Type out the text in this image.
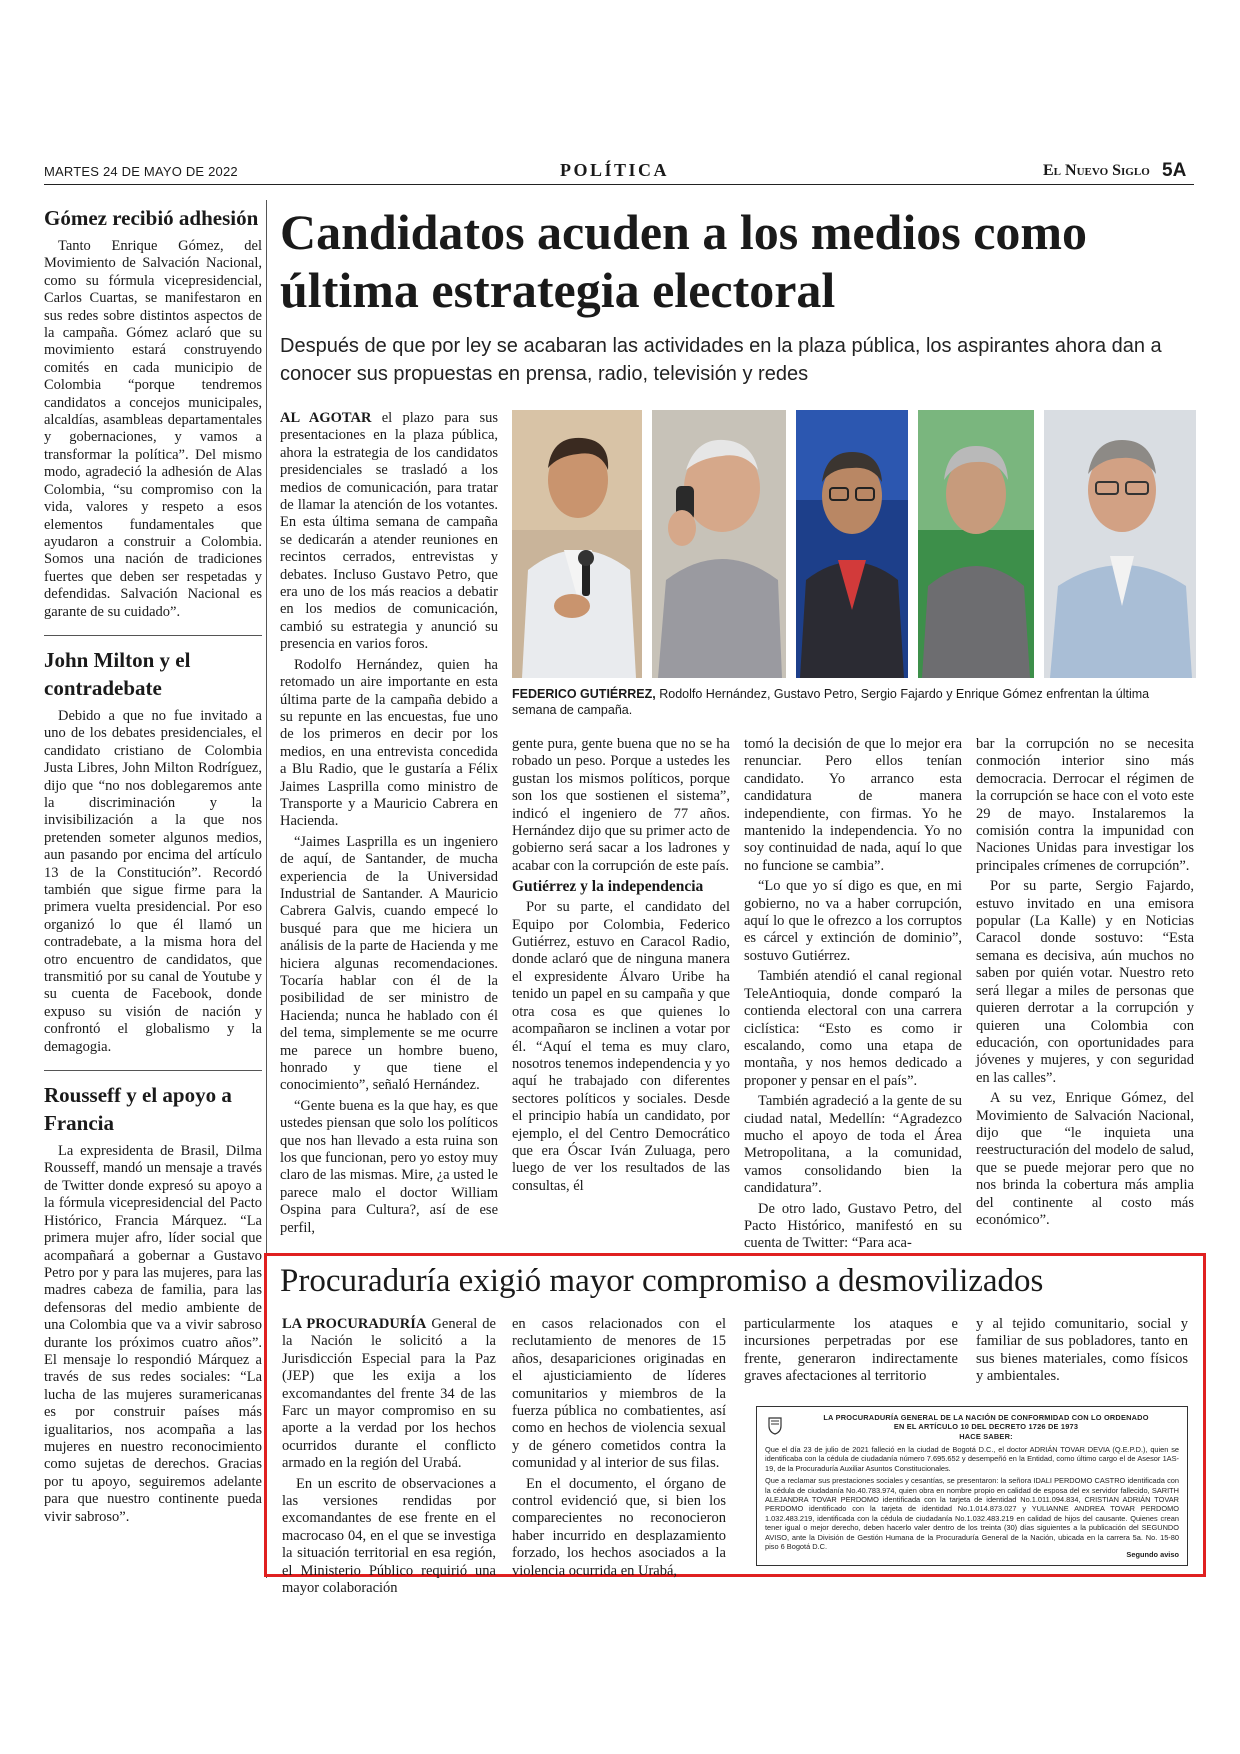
MARTES 24 DE MAYO DE 2022	POLÍTICA	El Nuevo Siglo 5A
Gómez recibió adhesión

Tanto Enrique Gómez, del Movimiento de Salvación Nacional, como su fórmula vicepresidencial, Carlos Cuartas, se manifestaron en sus redes sobre distintos aspectos de la campaña. Gómez aclaró que su movimiento estará construyendo comités en cada municipio de Colombia “porque tendremos candidatos a concejos municipales, alcaldías, asambleas departamentales y gobernaciones, y vamos a transformar la política”. Del mismo modo, agradeció la adhesión de Alas Colombia, “su compromiso con la vida, valores y respeto a esos elementos fundamentales que ayudaron a construir a Colombia. Somos una nación de tradiciones fuertes que deben ser respetadas y defendidas. Salvación Nacional es garante de su cuidado”.

John Milton y el contradebate

Debido a que no fue invitado a uno de los debates presidenciales, el candidato cristiano de Colombia Justa Libres, John Milton Rodríguez, dijo que “no nos doblegaremos ante la discriminación y la invisibilización a la que nos pretenden someter algunos medios, aun pasando por encima del artículo 13 de la Constitución”. Recordó también que sigue firme para la primera vuelta presidencial. Por eso organizó lo que él llamó un contradebate, a la misma hora del otro encuentro de candidatos, que transmitió por su canal de Youtube y su cuenta de Facebook, donde expuso su visión de nación y confrontó el globalismo y la demagogia.

Rousseff y el apoyo a Francia

La expresidenta de Brasil, Dilma Rousseff, mandó un mensaje a través de Twitter donde expresó su apoyo a la fórmula vicepresidencial del Pacto Histórico, Francia Márquez. “La primera mujer afro, líder social que acompañará a gobernar a Gustavo Petro por y para las mujeres, para las madres cabeza de familia, para las defensoras del medio ambiente de una Colombia que va a vivir sabroso durante los próximos cuatro años”. El mensaje lo respondió Márquez a través de sus redes sociales: “La lucha de las mujeres suramericanas es por construir países más igualitarios, nos acompaña a las mujeres en nuestro reconocimiento como sujetas de derechos. Gracias por tu apoyo, seguiremos adelante para que nuestro continente pueda vivir sabroso”.

Candidatos acuden a los medios como última estrategia electoral
Después de que por ley se acabaran las actividades en la plaza pública, los aspirantes ahora dan a conocer sus propuestas en prensa, radio, televisión y redes

AL AGOTAR el plazo para sus presentaciones en la plaza pública, ahora la estrategia de los candidatos presidenciales se trasladó a los medios de comunicación, para tratar de llamar la atención de los votantes. En esta última semana de campaña se dedicarán a atender reuniones en recintos cerrados, entrevistas y debates. Incluso Gustavo Petro, que era uno de los más reacios a debatir en los medios de comunicación, cambió su estrategia y anunció su presencia en varios foros.

Rodolfo Hernández, quien ha retomado un aire importante en esta última parte de la campaña debido a su repunte en las encuestas, fue uno de los primeros en decir por los medios, en una entrevista concedida a Blu Radio, que le gustaría a Félix Jaimes Lasprilla como ministro de Transporte y a Mauricio Cabrera en Hacienda.

“Jaimes Lasprilla es un ingeniero de aquí, de Santander, de mucha experiencia de la Universidad Industrial de Santander. A Mauricio Cabrera Galvis, cuando empecé lo busqué para que me hiciera un análisis de la parte de Hacienda y me hiciera algunas recomendaciones. Tocaría hablar con él de la posibilidad de ser ministro de Hacienda; nunca he hablado con él del tema, simplemente se me ocurre me parece un hombre bueno, honrado y que tiene el conocimiento”, señaló Hernández.

“Gente buena es la que hay, es que ustedes piensan que solo los políticos que nos han llevado a esta ruina son los que funcionan, pero yo estoy muy claro de las mismas. Mire, ¿a usted le parece malo el doctor William Ospina para Cultura?, así de ese perfil,

FEDERICO GUTIÉRREZ, Rodolfo Hernández, Gustavo Petro, Sergio Fajardo y Enrique Gómez enfrentan la última semana de campaña.

gente pura, gente buena que no se ha robado un peso. Porque a ustedes les gustan los mismos políticos, porque son los que sostienen el sistema”, indicó el ingeniero de 77 años. Hernández dijo que su primer acto de gobierno será sacar a los ladrones y acabar con la corrupción de este país.

Gutiérrez y la independencia

Por su parte, el candidato del Equipo por Colombia, Federico Gutiérrez, estuvo en Caracol Radio, donde aclaró que de ninguna manera el expresidente Álvaro Uribe ha tenido un papel en su campaña y que otra cosa es que quienes lo acompañaron se inclinen a votar por él. “Aquí el tema es muy claro, nosotros tenemos independencia y yo aquí he trabajado con diferentes sectores políticos y sociales. Desde el principio había un candidato, por ejemplo, el del Centro Democrático que era Óscar Iván Zuluaga, pero luego de ver los resultados de las consultas, él

tomó la decisión de que lo mejor era renunciar. Pero ellos tenían candidato. Yo arranco esta candidatura de manera independiente, con firmas. Yo he mantenido la independencia. Yo no soy continuidad de nada, aquí lo que no funcione se cambia”.

“Lo que yo sí digo es que, en mi gobierno, no va a haber corrupción, aquí lo que le ofrezco a los corruptos es cárcel y extinción de dominio”, sostuvo Gutiérrez.

También atendió el canal regional TeleAntioquia, donde comparó la contienda electoral con una carrera ciclística: “Esto es como ir escalando, como una etapa de montaña, y nos hemos dedicado a proponer y pensar en el país”.

También agradeció a la gente de su ciudad natal, Medellín: “Agradezco mucho el apoyo de toda el Área Metropolitana, a la comunidad, vamos consolidando bien la candidatura”.

De otro lado, Gustavo Petro, del Pacto Histórico, manifestó en su cuenta de Twitter: “Para aca-

bar la corrupción no se necesita conmoción interior sino más democracia. Derrocar el régimen de la corrupción se hace con el voto este 29 de mayo. Instalaremos la comisión contra la impunidad con Naciones Unidas para investigar los principales crímenes de corrupción”.

Por su parte, Sergio Fajardo, estuvo invitado en una emisora popular (La Kalle) y en Noticias Caracol donde sostuvo: “Esta semana es decisiva, aún muchos no saben por quién votar. Nuestro reto será llegar a miles de personas que quieren derrotar a la corrupción y quieren una Colombia con educación, con oportunidades para jóvenes y mujeres, y con seguridad en las calles”.

A su vez, Enrique Gómez, del Movimiento de Salvación Nacional, dijo que “le inquieta una reestructuración del modelo de salud, que se puede mejorar pero que no nos brinda la cobertura más amplia del continente al costo más económico”.

Procuraduría exigió mayor compromiso a desmovilizados

LA PROCURADURÍA General de la Nación le solicitó a la Jurisdicción Especial para la Paz (JEP) que les exija a los excomandantes del frente 34 de las Farc un mayor compromiso en su aporte a la verdad por los hechos ocurridos durante el conflicto armado en la región del Urabá.

En un escrito de observaciones a las versiones rendidas por excomandantes de ese frente en el macrocaso 04, en el que se investiga la situación territorial en esa región, el Ministerio Público requirió una mayor colaboración

en casos relacionados con el reclutamiento de menores de 15 años, desapariciones originadas en el ajusticiamiento de líderes comunitarios y miembros de la fuerza pública no combatientes, así como en hechos de violencia sexual y de género cometidos contra la comunidad y al interior de sus filas.

En el documento, el órgano de control evidenció que, si bien los comparecientes no reconocieron haber incurrido en desplazamiento forzado, los hechos asociados a la violencia ocurrida en Urabá,

particularmente los ataques e incursiones perpetradas por ese frente, generaron indirectamente graves afectaciones al territorio

y al tejido comunitario, social y familiar de sus pobladores, tanto en sus bienes materiales, como físicos y ambientales.

LA PROCURADURÍA GENERAL DE LA NACIÓN DE CONFORMIDAD CON LO ORDENADO
EN EL ARTÍCULO 10 DEL DECRETO 1726 DE 1973
HACE SABER:
Que el día 23 de julio de 2021 falleció en la ciudad de Bogotá D.C., el doctor ADRIÁN TOVAR DEVIA (Q.E.P.D.), quien se identificaba con la cédula de ciudadanía número 7.695.652 y desempeñó en la Entidad, como último cargo el de Asesor 1AS-19, de la Procuraduría Auxiliar Asuntos Constitucionales.
Que a reclamar sus prestaciones sociales y cesantías, se presentaron: la señora IDALI PERDOMO CASTRO identificada con la cédula de ciudadanía No.40.783.974, quien obra en nombre propio en calidad de esposa del ex servidor fallecido, SARITH ALEJANDRA TOVAR PERDOMO identificada con la tarjeta de identidad No.1.011.094.834, CRISTIAN ADRIÁN TOVAR PERDOMO identificado con la tarjeta de identidad No.1.014.873.027 y YULIANNE ANDREA TOVAR PERDOMO 1.032.483.219, identificada con la cédula de ciudadanía No.1.032.483.219 en calidad de hijos del causante. Quienes crean tener igual o mejor derecho, deben hacerlo valer dentro de los treinta (30) días siguientes a la publicación del SEGUNDO AVISO, ante la División de Gestión Humana de la Procuraduría General de la Nación, ubicada en la carrera 5a. No. 15-80 piso 6 Bogotá D.C.
Segundo aviso
